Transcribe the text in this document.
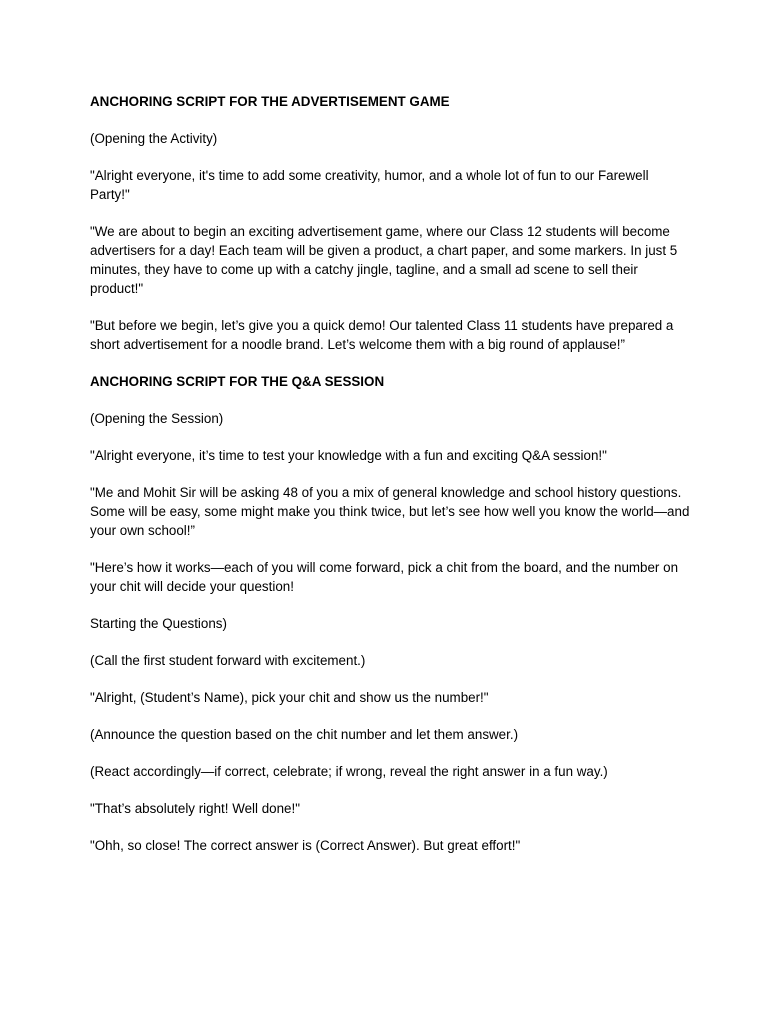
ANCHORING SCRIPT FOR THE ADVERTISEMENT GAME

(Opening the Activity)

"Alright everyone, it's time to add some creativity, humor, and a whole lot of fun to our Farewell Party!"

"We are about to begin an exciting advertisement game, where our Class 12 students will become advertisers for a day! Each team will be given a product, a chart paper, and some markers. In just 5 minutes, they have to come up with a catchy jingle, tagline, and a small ad scene to sell their product!"

"But before we begin, let’s give you a quick demo! Our talented Class 11 students have prepared a short advertisement for a noodle brand. Let’s welcome them with a big round of applause!”

ANCHORING SCRIPT FOR THE Q&A SESSION

(Opening the Session)

"Alright everyone, it’s time to test your knowledge with a fun and exciting Q&A session!"

"Me and Mohit Sir will be asking 48 of you a mix of general knowledge and school history questions. Some will be easy, some might make you think twice, but let’s see how well you know the world—and your own school!”

"Here’s how it works—each of you will come forward, pick a chit from the board, and the number on your chit will decide your question!

Starting the Questions)

(Call the first student forward with excitement.)

"Alright, (Student’s Name), pick your chit and show us the number!"

(Announce the question based on the chit number and let them answer.)

(React accordingly—if correct, celebrate; if wrong, reveal the right answer in a fun way.)

"That’s absolutely right! Well done!"

"Ohh, so close! The correct answer is (Correct Answer). But great effort!"
